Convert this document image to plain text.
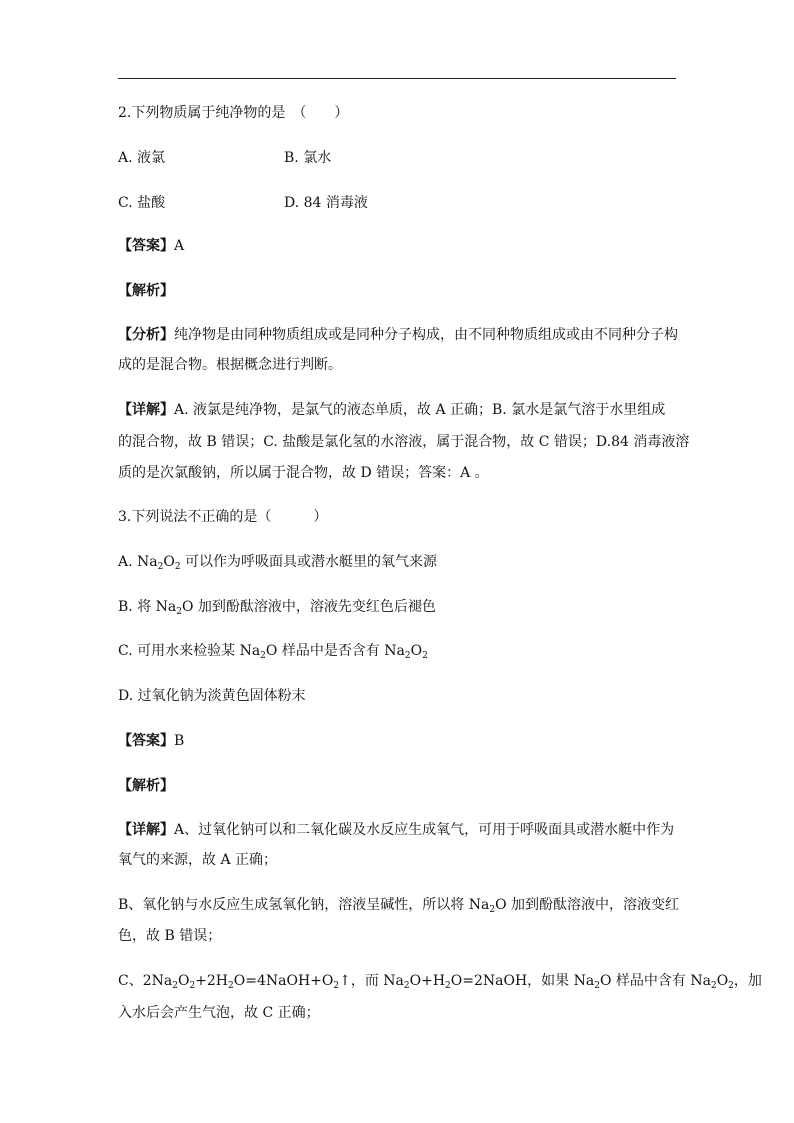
2.下列物质属于纯净物的是　（　　）
A. 液氯	B. 氯水
C. 盐酸	D. 84 消毒液
【答案】A
【解析】
【分析】纯净物是由同种物质组成或是同种分子构成，由不同种物质组成或由不同种分子构
成的是混合物。根据概念进行判断。
【详解】A. 液氯是纯净物，是氯气的液态单质，故 A 正确；B. 氯水是氯气溶于水里组成
的混合物，故 B 错误；C. 盐酸是氯化氢的水溶液，属于混合物，故 C 错误；D.84 消毒液溶
质的是次氯酸钠，所以属于混合物，故 D 错误；答案：A 。
3.下列说法不正确的是（　　　）
A. $Na_2O_2$ 可以作为呼吸面具或潜水艇里的氧气来源
B. 将 $Na_2O$ 加到酚酞溶液中，溶液先变红色后褪色
C. 可用水来检验某 $Na_2O$ 样品中是否含有 $Na_2O_2$
D. 过氧化钠为淡黄色固体粉末
【答案】B
【解析】
【详解】A、过氧化钠可以和二氧化碳及水反应生成氧气，可用于呼吸面具或潜水艇中作为
氧气的来源，故 A 正确；
B、氧化钠与水反应生成氢氧化钠，溶液呈碱性，所以将 $Na_2O$ 加到酚酞溶液中，溶液变红
色，故 B 错误；
C、$2Na_2O_2+2H_2O=4NaOH+O_2↑$，而 $Na_2O+H_2O=2NaOH$，如果 $Na_2O$ 样品中含有 $Na_2O_2$，加
入水后会产生气泡，故 C 正确；
